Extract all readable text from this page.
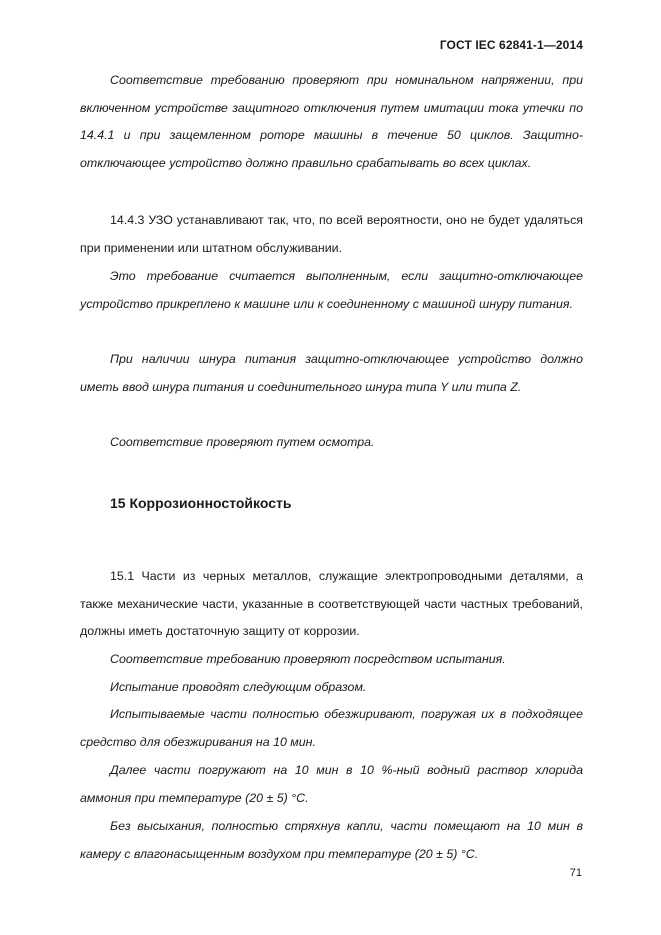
ГОСТ IEC 62841-1—2014

Соответствие требованию проверяют при номинальном напряжении, при включенном устройстве защитного отключения путем имитации тока утечки по 14.4.1 и при защемленном роторе машины в течение 50 циклов. Защитно-отключающее устройство должно правильно срабатывать во всех циклах.

14.4.3 УЗО устанавливают так, что, по всей вероятности, оно не будет удаляться при применении или штатном обслуживании.

Это требование считается выполненным, если защитно-отключающее устройство прикреплено к машине или к соединенному с машиной шнуру питания.

При наличии шнура питания защитно-отключающее устройство должно иметь ввод шнура питания и соединительного шнура типа Y или типа Z.

Соответствие проверяют путем осмотра.

15 Коррозионностойкость

15.1 Части из черных металлов, служащие электропроводными деталями, а также механические части, указанные в соответствующей части частных требований, должны иметь достаточную защиту от коррозии.

Соответствие требованию проверяют посредством испытания.

Испытание проводят следующим образом.

Испытываемые части полностью обезжиривают, погружая их в подходящее средство для обезжиривания на 10 мин.

Далее части погружают на 10 мин в 10 %-ный водный раствор хлорида аммония при температуре (20 ± 5) °С.

Без высыхания, полностью стряхнув капли, части помещают на 10 мин в камеру с влагонасыщенным воздухом при температуре (20 ± 5) °С.

71
